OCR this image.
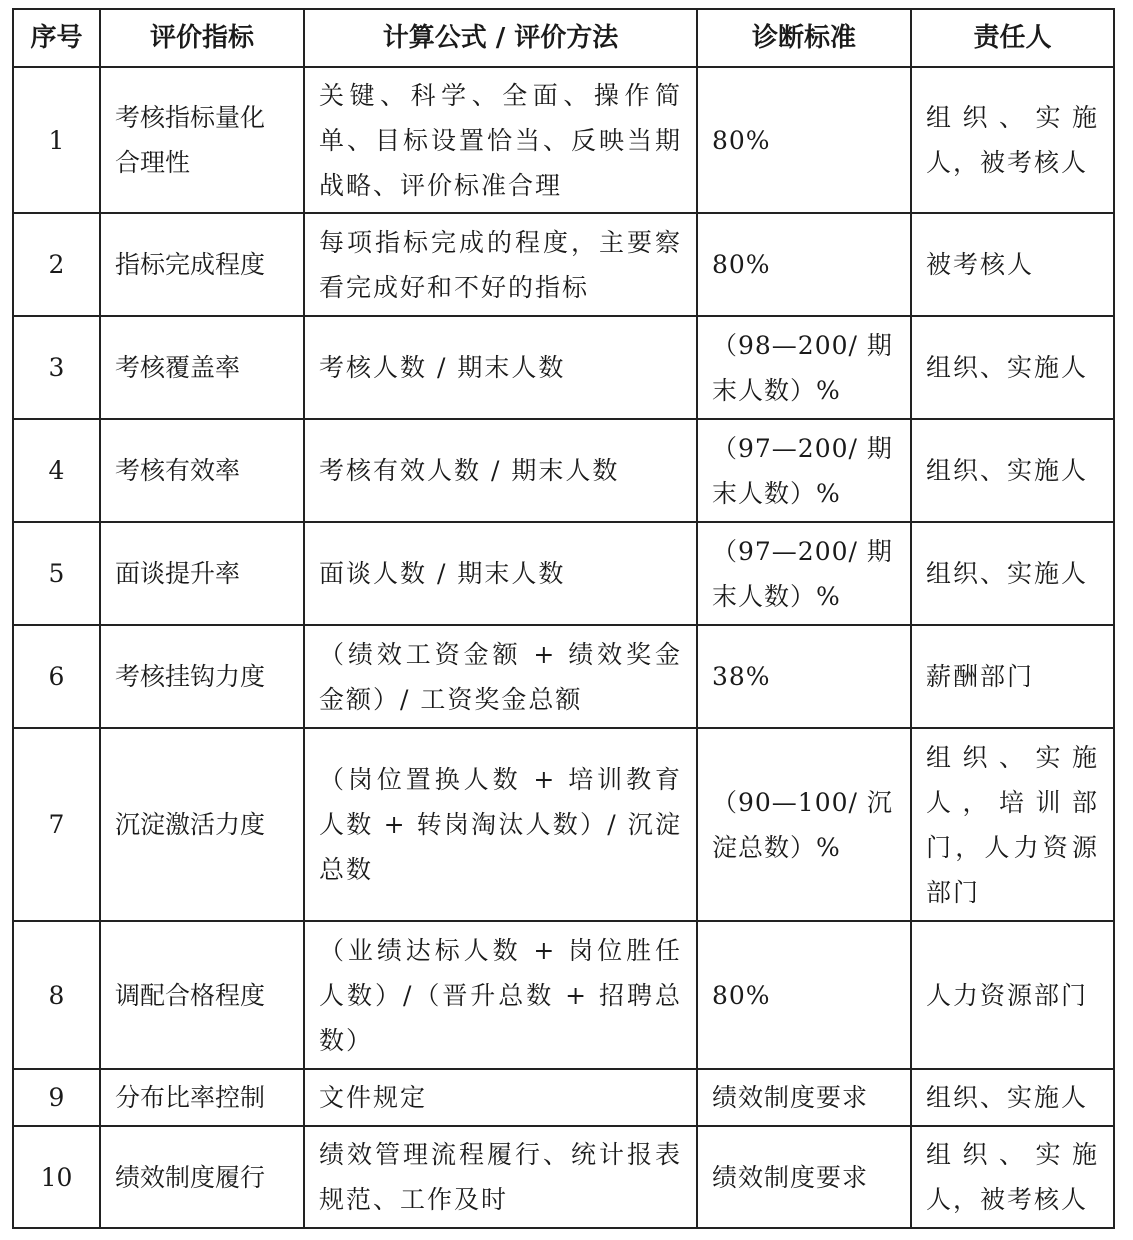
序号	评价指标	计算公式 / 评价方法	诊断标准	责任人
1	考核指标量化合理性	关键、科学、全面、操作简单、目标设置恰当、反映当期战略、评价标准合理	80%	组织、实施人，被考核人
2	指标完成程度	每项指标完成的程度，主要察看完成好和不好的指标	80%	被考核人
3	考核覆盖率	考核人数 / 期末人数	（98—200/ 期末人数）%	组织、实施人
4	考核有效率	考核有效人数 / 期末人数	（97—200/ 期末人数）%	组织、实施人
5	面谈提升率	面谈人数 / 期末人数	（97—200/ 期末人数）%	组织、实施人
6	考核挂钩力度	（绩效工资金额 + 绩效奖金金额）/ 工资奖金总额	38%	薪酬部门
7	沉淀激活力度	（岗位置换人数 + 培训教育人数 + 转岗淘汰人数）/ 沉淀总数	（90—100/ 沉淀总数）%	组织、实施人，培训部门，人力资源部门
8	调配合格程度	（业绩达标人数 + 岗位胜任人数）/（晋升总数 + 招聘总数）	80%	人力资源部门
9	分布比率控制	文件规定	绩效制度要求	组织、实施人
10	绩效制度履行	绩效管理流程履行、统计报表规范、工作及时	绩效制度要求	组织、实施人，被考核人
